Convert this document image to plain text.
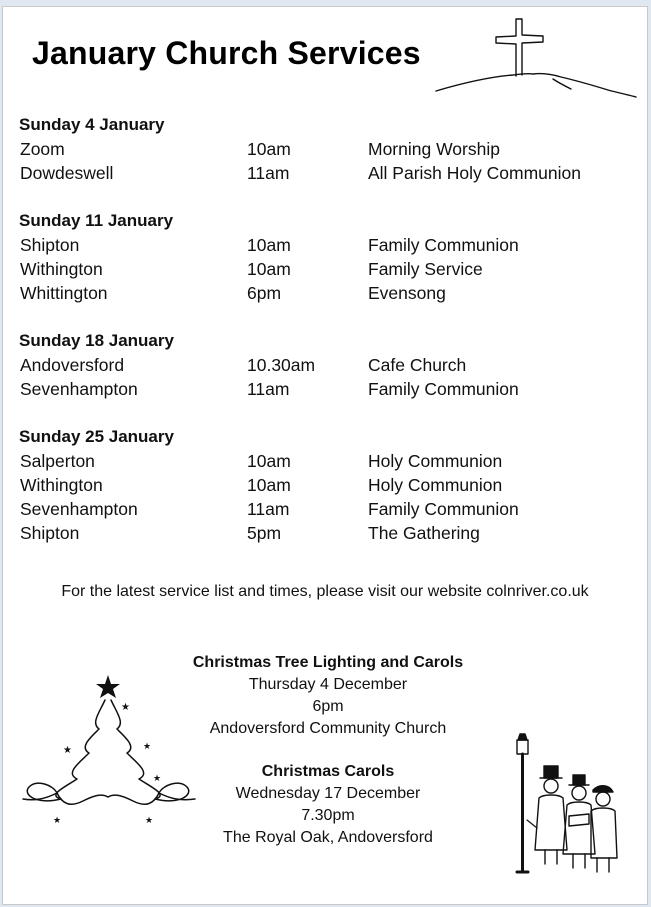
January Church Services
Sunday 4 January
Zoom	10am	Morning Worship
Dowdeswell	11am	All Parish Holy Communion
Sunday 11 January
Shipton	10am	Family Communion
Withington	10am	Family Service
Whittington	6pm	Evensong
Sunday 18 January
Andoversford	10.30am	Cafe Church
Sevenhampton	11am	Family Communion
Sunday 25 January
Salperton	10am	Holy Communion
Withington	10am	Holy Communion
Sevenhampton	11am	Family Communion
Shipton	5pm	The Gathering
For the latest service list and times, please visit our website colnriver.co.uk
Christmas Tree Lighting and Carols
Thursday 4 December
6pm
Andoversford Community Church
Christmas Carols
Wednesday 17 December
7.30pm
The Royal Oak, Andoversford
★
★	★
★
★	★
